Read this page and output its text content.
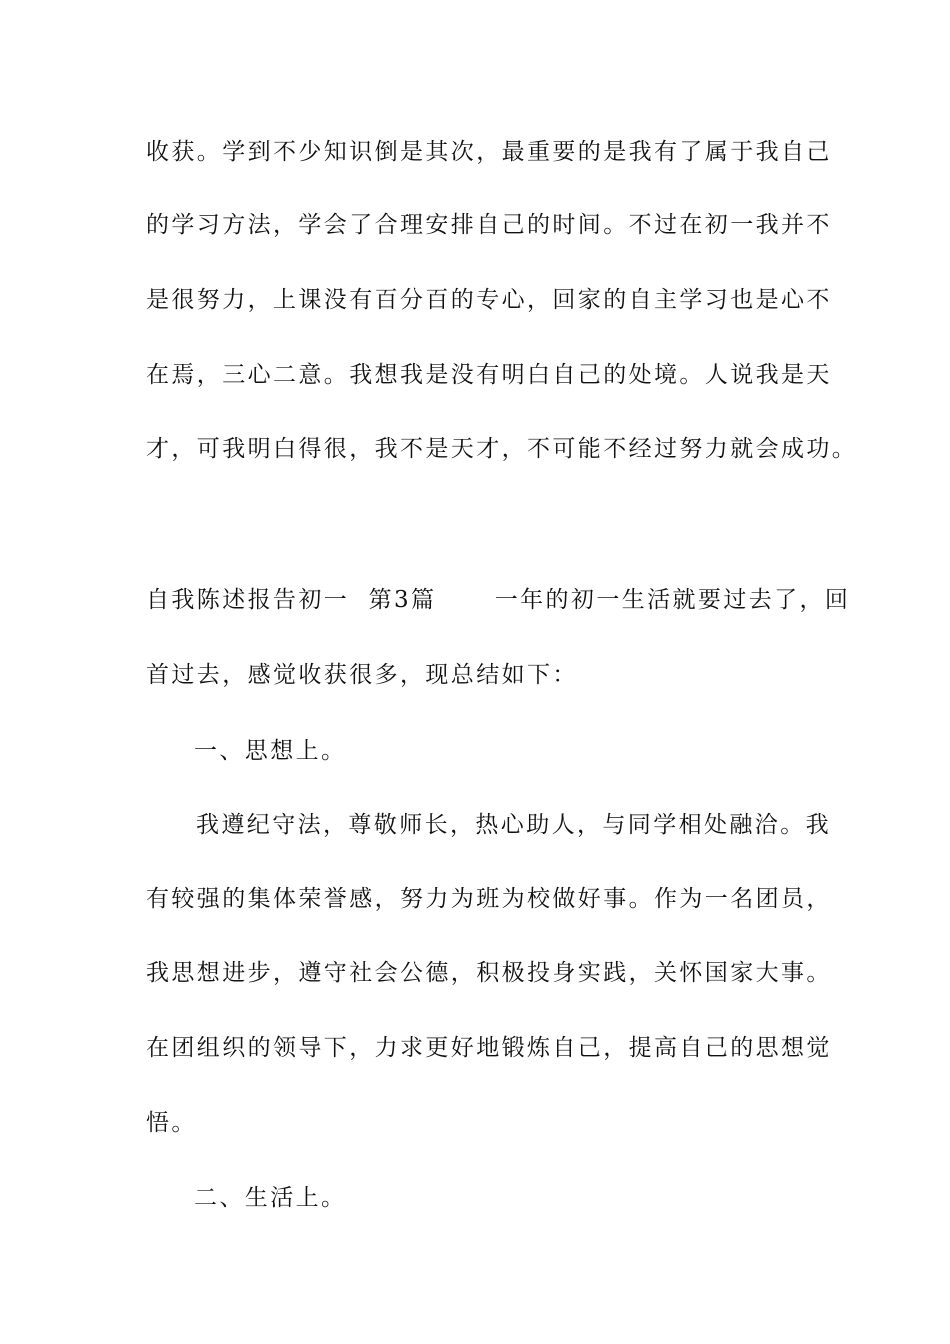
收获。学到不少知识倒是其次，最重要的是我有了属于我自己
的学习方法，学会了合理安排自己的时间。不过在初一我并不
是很努力，上课没有百分百的专心，回家的自主学习也是心不
在焉，三心二意。我想我是没有明白自己的处境。人说我是天
才，可我明白得很，我不是天才，不可能不经过努力就会成功。
自我陈述报告初一  第3篇      一年的初一生活就要过去了，回
首过去，感觉收获很多，现总结如下：
一、思想上。
我遵纪守法，尊敬师长，热心助人，与同学相处融洽。我
有较强的集体荣誉感，努力为班为校做好事。作为一名团员，
我思想进步，遵守社会公德，积极投身实践，关怀国家大事。
在团组织的领导下，力求更好地锻炼自己，提高自己的思想觉
悟。
二、生活上。
